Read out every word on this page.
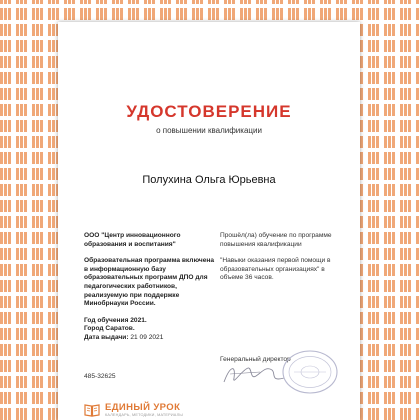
УДОСТОВЕРЕНИЕ
о повышении квалификации
Полухина Ольга Юрьевна

ООО "Центр инновационного образования и воспитания"

Образовательная программа включена в информационную базу образовательных программ ДПО для педагогических работников, реализуемую при поддержке Минобрнауки России.

Год обучения 2021.

Город Саратов.

Дата выдачи: 21 09 2021

Прошёл(ла) обучение по программе повышения квалификации

"Навыки оказания первой помощи в образовательных организациях" в объеме 36 часов.

485-32625
Генеральный директор
ЕДИНЫЙ УРОК
КАЛЕНДАРЬ, МЕТОДИКИ, МАТЕРИАЛЫ
